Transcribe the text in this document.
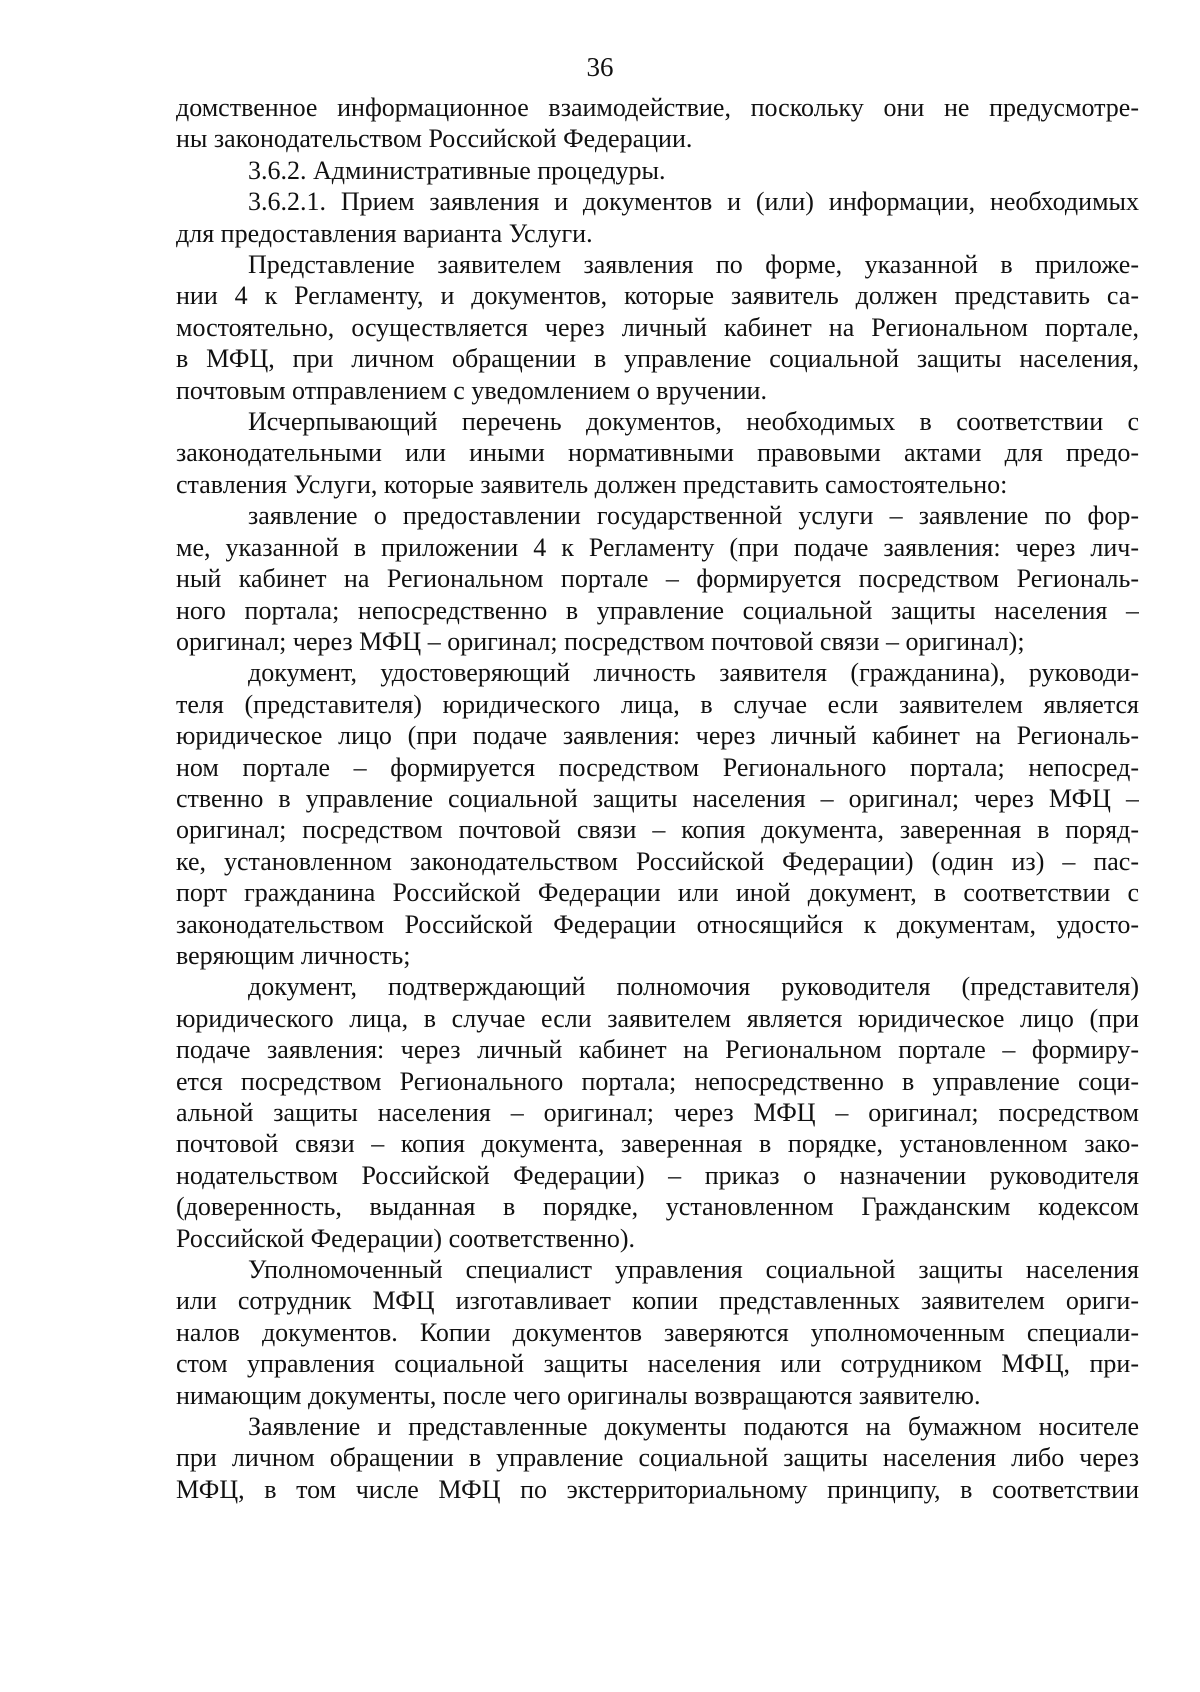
36
домственное информационное взаимодействие, поскольку они не предусмотре-
ны законодательством Российской Федерации.
3.6.2. Административные процедуры.
3.6.2.1. Прием заявления и документов и (или) информации, необходимых
для предоставления варианта Услуги.
Представление заявителем заявления по форме, указанной в приложе-
нии 4 к Регламенту, и документов, которые заявитель должен представить са-
мостоятельно, осуществляется через личный кабинет на Региональном портале,
в МФЦ, при личном обращении в управление социальной защиты населения,
почтовым отправлением с уведомлением о вручении.
Исчерпывающий перечень документов, необходимых в соответствии с
законодательными или иными нормативными правовыми актами для предо-
ставления Услуги, которые заявитель должен представить самостоятельно:
заявление о предоставлении государственной услуги – заявление по фор-
ме, указанной в приложении 4 к Регламенту (при подаче заявления: через лич-
ный кабинет на Региональном портале – формируется посредством Региональ-
ного портала; непосредственно в управление социальной защиты населения –
оригинал; через МФЦ – оригинал; посредством почтовой связи – оригинал);
документ, удостоверяющий личность заявителя (гражданина), руководи-
теля (представителя) юридического лица, в случае если заявителем является
юридическое лицо (при подаче заявления: через личный кабинет на Региональ-
ном портале – формируется посредством Регионального портала; непосред-
ственно в управление социальной защиты населения – оригинал; через МФЦ –
оригинал; посредством почтовой связи – копия документа, заверенная в поряд-
ке, установленном законодательством Российской Федерации) (один из) – пас-
порт гражданина Российской Федерации или иной документ, в соответствии с
законодательством Российской Федерации относящийся к документам, удосто-
веряющим личность;
документ, подтверждающий полномочия руководителя (представителя)
юридического лица, в случае если заявителем является юридическое лицо (при
подаче заявления: через личный кабинет на Региональном портале – формиру-
ется посредством Регионального портала; непосредственно в управление соци-
альной защиты населения – оригинал; через МФЦ – оригинал; посредством
почтовой связи – копия документа, заверенная в порядке, установленном зако-
нодательством Российской Федерации) – приказ о назначении руководителя
(доверенность, выданная в порядке, установленном Гражданским кодексом
Российской Федерации) соответственно).
Уполномоченный специалист управления социальной защиты населения
или сотрудник МФЦ изготавливает копии представленных заявителем ориги-
налов документов. Копии документов заверяются уполномоченным специали-
стом управления социальной защиты населения или сотрудником МФЦ, при-
нимающим документы, после чего оригиналы возвращаются заявителю.
Заявление и представленные документы подаются на бумажном носителе
при личном обращении в управление социальной защиты населения либо через
МФЦ, в том числе МФЦ по экстерриториальному принципу, в соответствии
